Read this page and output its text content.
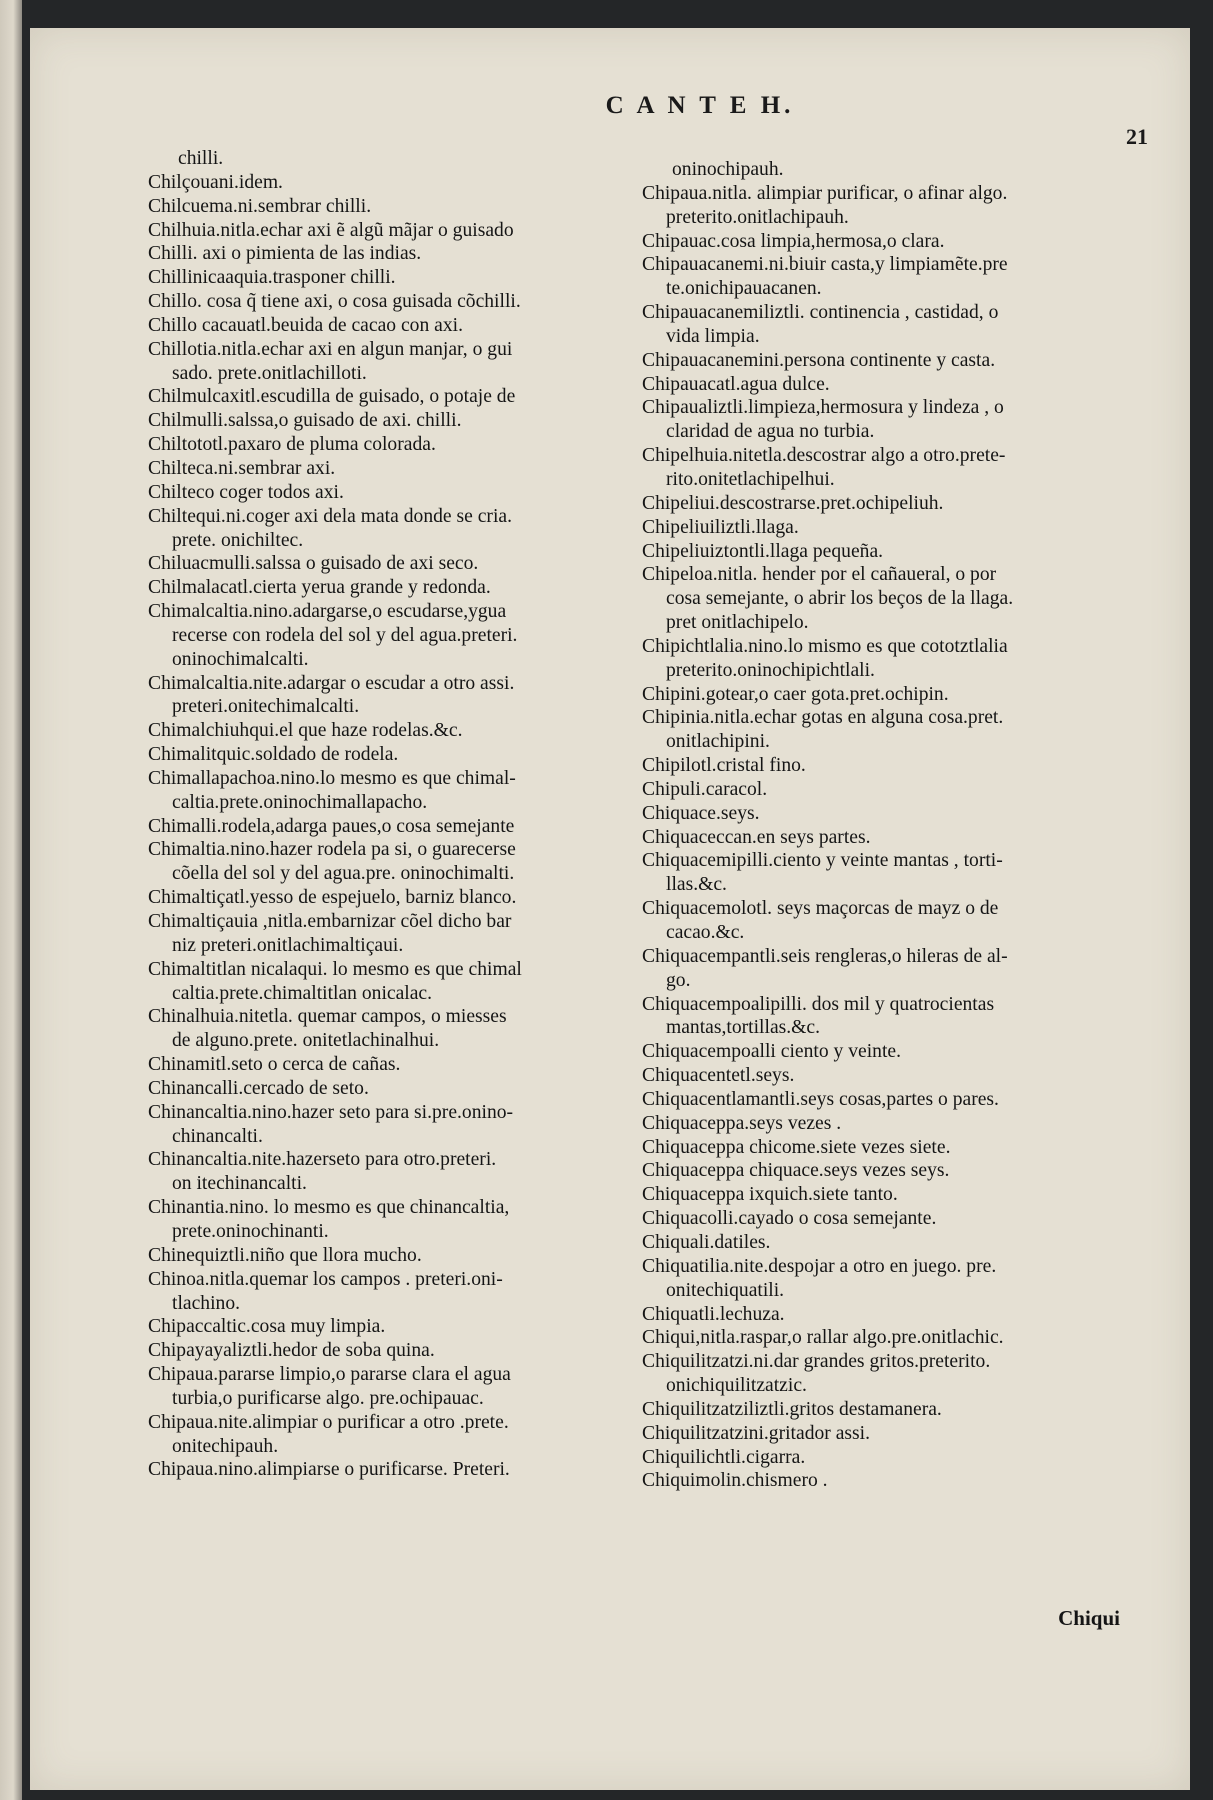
C A N T E H.
21
chilli.
Chilçouani.idem.
Chilcuema.ni.sembrar chilli.
Chilhuia.nitla.echar axi ẽ algũ mãjar o guisado
Chilli. axi o pimienta de las indias.
Chillinicaaquia.trasponer chilli.
Chillo. cosa q̃ tiene axi, o cosa guisada cõchilli.
Chillo cacauatl.beuida de cacao con axi.
Chillotia.nitla.echar axi en algun manjar, o gui
sado. prete.onitlachilloti.
Chilmulcaxitl.escudilla de guisado, o potaje de
Chilmulli.salssa,o guisado de axi. chilli.
Chiltototl.paxaro de pluma colorada.
Chilteca.ni.sembrar axi.
Chilteco coger todos axi.
Chiltequi.ni.coger axi dela mata donde se cria.
prete. onichiltec.
Chiluacmulli.salssa o guisado de axi seco.
Chilmalacatl.cierta yerua grande y redonda.
Chimalcaltia.nino.adargarse,o escudarse,ygua
recerse con rodela del sol y del agua.preteri.
oninochimalcalti.
Chimalcaltia.nite.adargar o escudar a otro assi.
preteri.onitechimalcalti.
Chimalchiuhqui.el que haze rodelas.&c.
Chimalitquic.soldado de rodela.
Chimallapachoa.nino.lo mesmo es que chimal-
caltia.prete.oninochimallapacho.
Chimalli.rodela,adarga paues,o cosa semejante
Chimaltia.nino.hazer rodela pa si, o guarecerse
cõella del sol y del agua.pre. oninochimalti.
Chimaltiçatl.yesso de espejuelo, barniz blanco.
Chimaltiçauia ,nitla.embarnizar cõel dicho bar
niz preteri.onitlachimaltiçaui.
Chimaltitlan nicalaqui. lo mesmo es que chimal
caltia.prete.chimaltitlan onicalac.
Chinalhuia.nitetla. quemar campos, o miesses
de alguno.prete. onitetlachinalhui.
Chinamitl.seto o cerca de cañas.
Chinancalli.cercado de seto.
Chinancaltia.nino.hazer seto para si.pre.onino-
chinancalti.
Chinancaltia.nite.hazerseto para otro.preteri.
on itechinancalti.
Chinantia.nino. lo mesmo es que chinancaltia,
prete.oninochinanti.
Chinequiztli.niño que llora mucho.
Chinoa.nitla.quemar los campos . preteri.oni-
tlachino.
Chipaccaltic.cosa muy limpia.
Chipayayaliztli.hedor de soba quina.
Chipaua.pararse limpio,o pararse clara el agua
turbia,o purificarse algo. pre.ochipauac.
Chipaua.nite.alimpiar o purificar a otro .prete.
onitechipauh.
Chipaua.nino.alimpiarse o purificarse. Preteri.
oninochipauh.
Chipaua.nitla. alimpiar purificar, o afinar algo.
preterito.onitlachipauh.
Chipauac.cosa limpia,hermosa,o clara.
Chipauacanemi.ni.biuir casta,y limpiamẽte.pre
te.onichipauacanen.
Chipauacanemiliztli. continencia , castidad, o
vida limpia.
Chipauacanemini.persona continente y casta.
Chipauacatl.agua dulce.
Chipaualiztli.limpieza,hermosura y lindeza , o
claridad de agua no turbia.
Chipelhuia.nitetla.descostrar algo a otro.prete-
rito.onitetlachipelhui.
Chipeliui.descostrarse.pret.ochipeliuh.
Chipeliuiliztli.llaga.
Chipeliuiztontli.llaga pequeña.
Chipeloa.nitla. hender por el cañaueral, o por
cosa semejante, o abrir los beços de la llaga.
pret onitlachipelo.
Chipichtlalia.nino.lo mismo es que cototztlalia
preterito.oninochipichtlali.
Chipini.gotear,o caer gota.pret.ochipin.
Chipinia.nitla.echar gotas en alguna cosa.pret.
onitlachipini.
Chipilotl.cristal fino.
Chipuli.caracol.
Chiquace.seys.
Chiquaceccan.en seys partes.
Chiquacemipilli.ciento y veinte mantas , torti-
llas.&c.
Chiquacemolotl. seys maçorcas de mayz o de
cacao.&c.
Chiquacempantli.seis rengleras,o hileras de al-
go.
Chiquacempoalipilli. dos mil y quatrocientas
mantas,tortillas.&c.
Chiquacempoalli ciento y veinte.
Chiquacentetl.seys.
Chiquacentlamantli.seys cosas,partes o pares.
Chiquaceppa.seys vezes .
Chiquaceppa chicome.siete vezes siete.
Chiquaceppa chiquace.seys vezes seys.
Chiquaceppa ixquich.siete tanto.
Chiquacolli.cayado o cosa semejante.
Chiquali.datiles.
Chiquatilia.nite.despojar a otro en juego. pre.
onitechiquatili.
Chiquatli.lechuza.
Chiqui,nitla.raspar,o rallar algo.pre.onitlachic.
Chiquilitzatzi.ni.dar grandes gritos.preterito.
onichiquilitzatzic.
Chiquilitzatziliztli.gritos destamanera.
Chiquilitzatzini.gritador assi.
Chiquilichtli.cigarra.
Chiquimolin.chismero .
Chiqui
